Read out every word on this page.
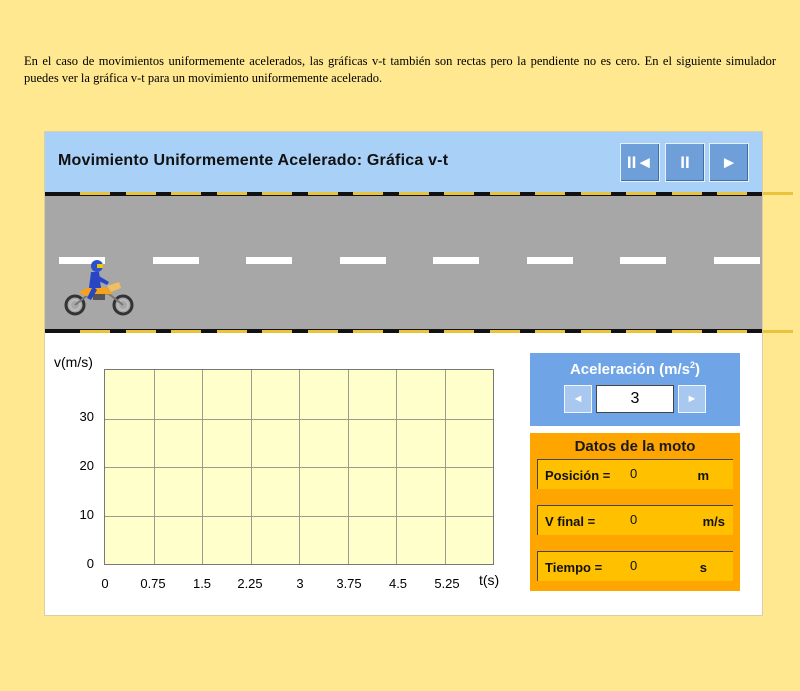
En el caso de movimientos uniformemente acelerados, las gráficas v-t también son rectas pero la pendiente no es cero. En el siguiente simulador puedes ver la gráfica v-t para un movimiento uniformemente acelerado.
Movimiento Uniformemente Acelerado: Gráfica v-t	II◄	II	►
v(m/s)
30
20
10
0
0 0.75 1.5 2.25	3	3.75 4.5 5.25 t(s)
Aceleración $(m/s^2)$
◄	3	►
Datos de la moto
Posición = 0	m
V final =	0	m/s
Tiempo = 0	s
